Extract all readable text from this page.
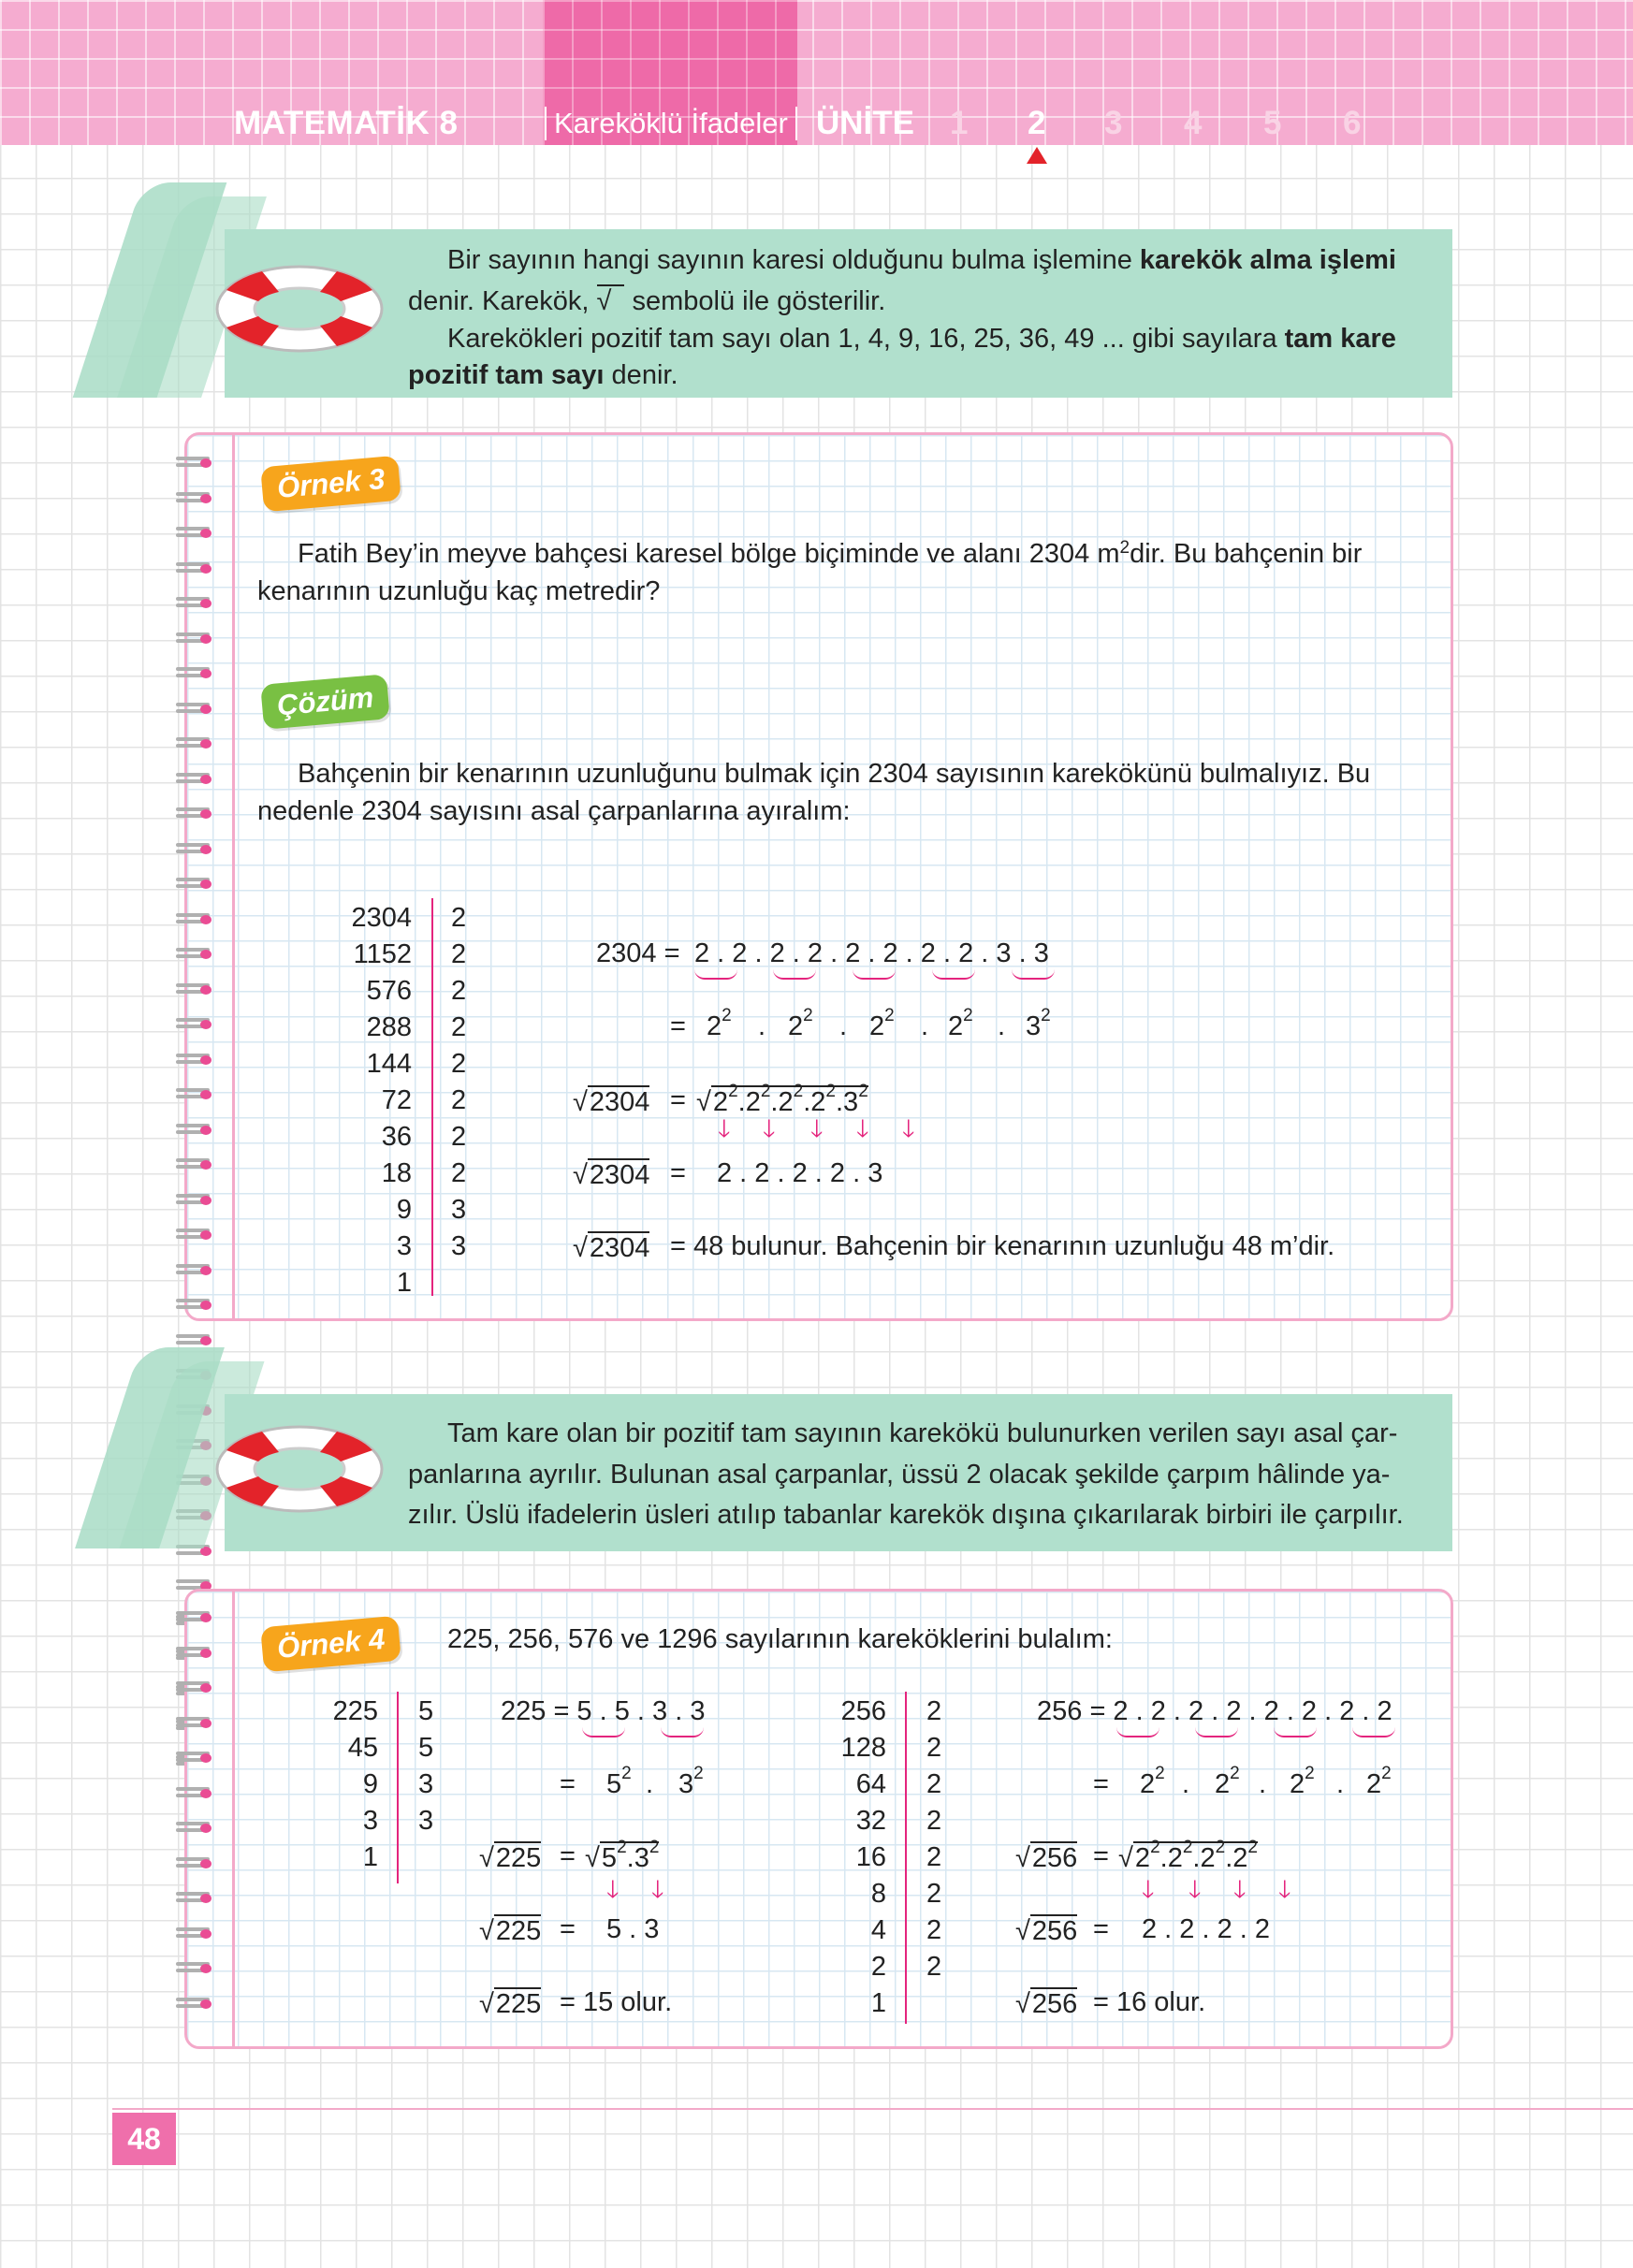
MATEMATİK 8	Kareköklü İfadeler ÜNİTE 1 2 3 4 5 6
Bir sayının hangi sayının karesi olduğunu bulma işlemine karekök alma işlemi
denir. Karekök, √ sembolü ile gösterilir.
Karekökleri pozitif tam sayı olan 1, 4, 9, 16, 25, 36, 49 ... gibi sayılara tam kare
pozitif tam sayı denir.
Örnek 3
Fatih Bey’in meyve bahçesi karesel bölge biçiminde ve alanı 2304 $m^2dir$. Bu bahçenin bir
kenarının uzunluğu kaç metredir?
Çözüm
Bahçenin bir kenarının uzunluğunu bulmak için 2304 sayısının karekökünü bulmalıyız. Bu
nedenle 2304 sayısını asal çarpanlarına ayıralım:
2304
1152
576
288
144
72
36
18
9
3
1
2
2
2
2
2
2
2
2
3
3
2304 = 2 . 2 . 2 . 2 . 2 . 2 . 2 . 2 . 3 . 3
= $2^2$ . $2^2$ . $2^2$ . $2^2$ . $3^2$
$√2304 = √2^2.2^2.2^2.2^2.3^2$
🡓 🡓 🡓 🡓 🡓
√2304 = 2 . 2 . 2 . 2 . 3
√2304 = 48 bulunur. Bahçenin bir kenarının uzunluğu 48 m’dir.
Tam kare olan bir pozitif tam sayının karekökü bulunurken verilen sayı asal çar-
panlarına ayrılır. Bulunan asal çarpanlar, üssü 2 olacak şekilde çarpım hâlinde ya-
zılır. Üslü ifadelerin üsleri atılıp tabanlar karekök dışına çıkarılarak birbiri ile çarpılır.
Örnek 4	225, 256, 576 ve 1296 sayılarının kareköklerini bulalım:
225
45
9
3
1
5
5
3
3
225 = 5 . 5 . 3 . 3
= $5^2$ . $3^2$
$√225 = √5^2.3^2$
🡓 🡓
√225 = 5 . 3
√225 = 15 olur.
256
128
64
32
16
8
4
2
1
2
2
2
2
2
2
2
2
256 = 2 . 2 . 2 . 2 . 2 . 2 . 2 . 2
= $2^2$ . $2^2$ . $2^2$ . $2^2$
$√256 = √2^2.2^2.2^2.2^2$
🡓 🡓 🡓 🡓
√256 = 2 . 2 . 2 . 2
√256 = 16 olur.
48
